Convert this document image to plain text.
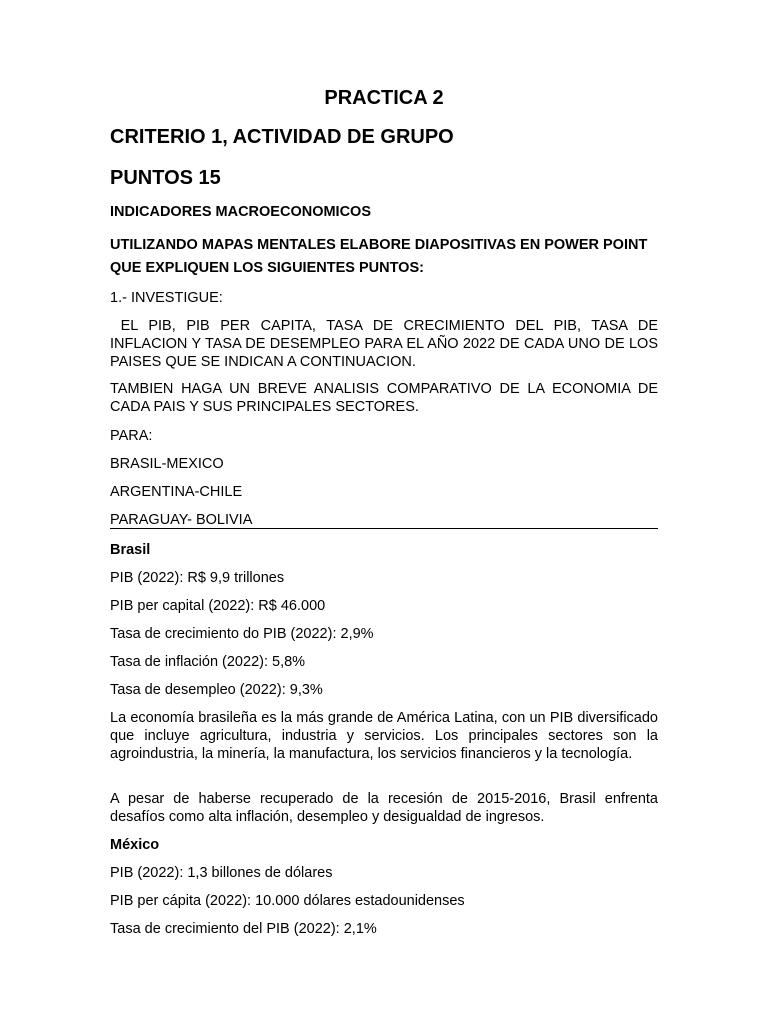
PRACTICA 2

CRITERIO 1, ACTIVIDAD DE GRUPO

PUNTOS 15

INDICADORES MACROECONOMICOS

UTILIZANDO MAPAS MENTALES ELABORE DIAPOSITIVAS EN POWER POINT QUE EXPLIQUEN LOS SIGUIENTES PUNTOS:

1.- INVESTIGUE:

EL PIB, PIB PER CAPITA, TASA DE CRECIMIENTO DEL PIB, TASA DE INFLACION Y TASA DE DESEMPLEO PARA EL AÑO 2022 DE CADA UNO DE LOS PAISES QUE SE INDICAN A CONTINUACION.

TAMBIEN HAGA UN BREVE ANALISIS COMPARATIVO DE LA ECONOMIA DE CADA PAIS Y SUS PRINCIPALES SECTORES.

PARA:

BRASIL-MEXICO

ARGENTINA-CHILE

PARAGUAY- BOLIVIA

Brasil

PIB (2022): R$ 9,9 trillones

PIB per capital (2022): R$ 46.000

Tasa de crecimiento do PIB (2022): 2,9%

Tasa de inflación (2022): 5,8%

Tasa de desempleo (2022): 9,3%

La economía brasileña es la más grande de América Latina, con un PIB diversificado que incluye agricultura, industria y servicios. Los principales sectores son la agroindustria, la minería, la manufactura, los servicios financieros y la tecnología.

A pesar de haberse recuperado de la recesión de 2015-2016, Brasil enfrenta desafíos como alta inflación, desempleo y desigualdad de ingresos.

México

PIB (2022): 1,3 billones de dólares

PIB per cápita (2022): 10.000 dólares estadounidenses

Tasa de crecimiento del PIB (2022): 2,1%
